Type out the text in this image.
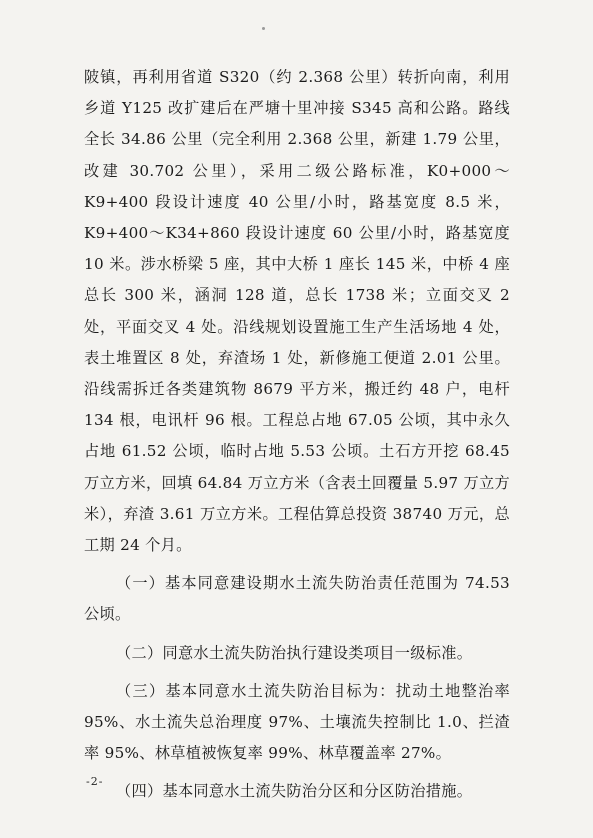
陂镇，再利用省道 S320（约 2.368 公里）转折向南，利用乡道 Y125 改扩建后在严塘十里冲接 S345 高和公路。路线全长 34.86 公里（完全利用 2.368 公里，新建 1.79 公里，改建 30.702 公里），采用二级公路标准，K0+000～K9+400 段设计速度 40 公里/小时，路基宽度 8.5 米，K9+400～K34+860 段设计速度 60 公里/小时，路基宽度 10 米。涉水桥梁 5 座，其中大桥 1 座长 145 米，中桥 4 座总长 300 米，涵洞 128 道，总长 1738 米；立面交叉 2 处，平面交叉 4 处。沿线规划设置施工生产生活场地 4 处，表土堆置区 8 处，弃渣场 1 处，新修施工便道 2.01 公里。沿线需拆迁各类建筑物 8679 平方米，搬迁约 48 户，电杆 134 根，电讯杆 96 根。工程总占地 67.05 公顷，其中永久占地 61.52 公顷，临时占地 5.53 公顷。土石方开挖 68.45 万立方米，回填 64.84 万立方米（含表土回覆量 5.97 万立方米），弃渣 3.61 万立方米。工程估算总投资 38740 万元，总工期 24 个月。

（一）基本同意建设期水土流失防治责任范围为 74.53 公顷。

（二）同意水土流失防治执行建设类项目一级标准。

（三）基本同意水土流失防治目标为：扰动土地整治率 95%、水土流失总治理度 97%、土壤流失控制比 1.0、拦渣率 95%、林草植被恢复率 99%、林草覆盖率 27%。

（四）基本同意水土流失防治分区和分区防治措施。

-2-
